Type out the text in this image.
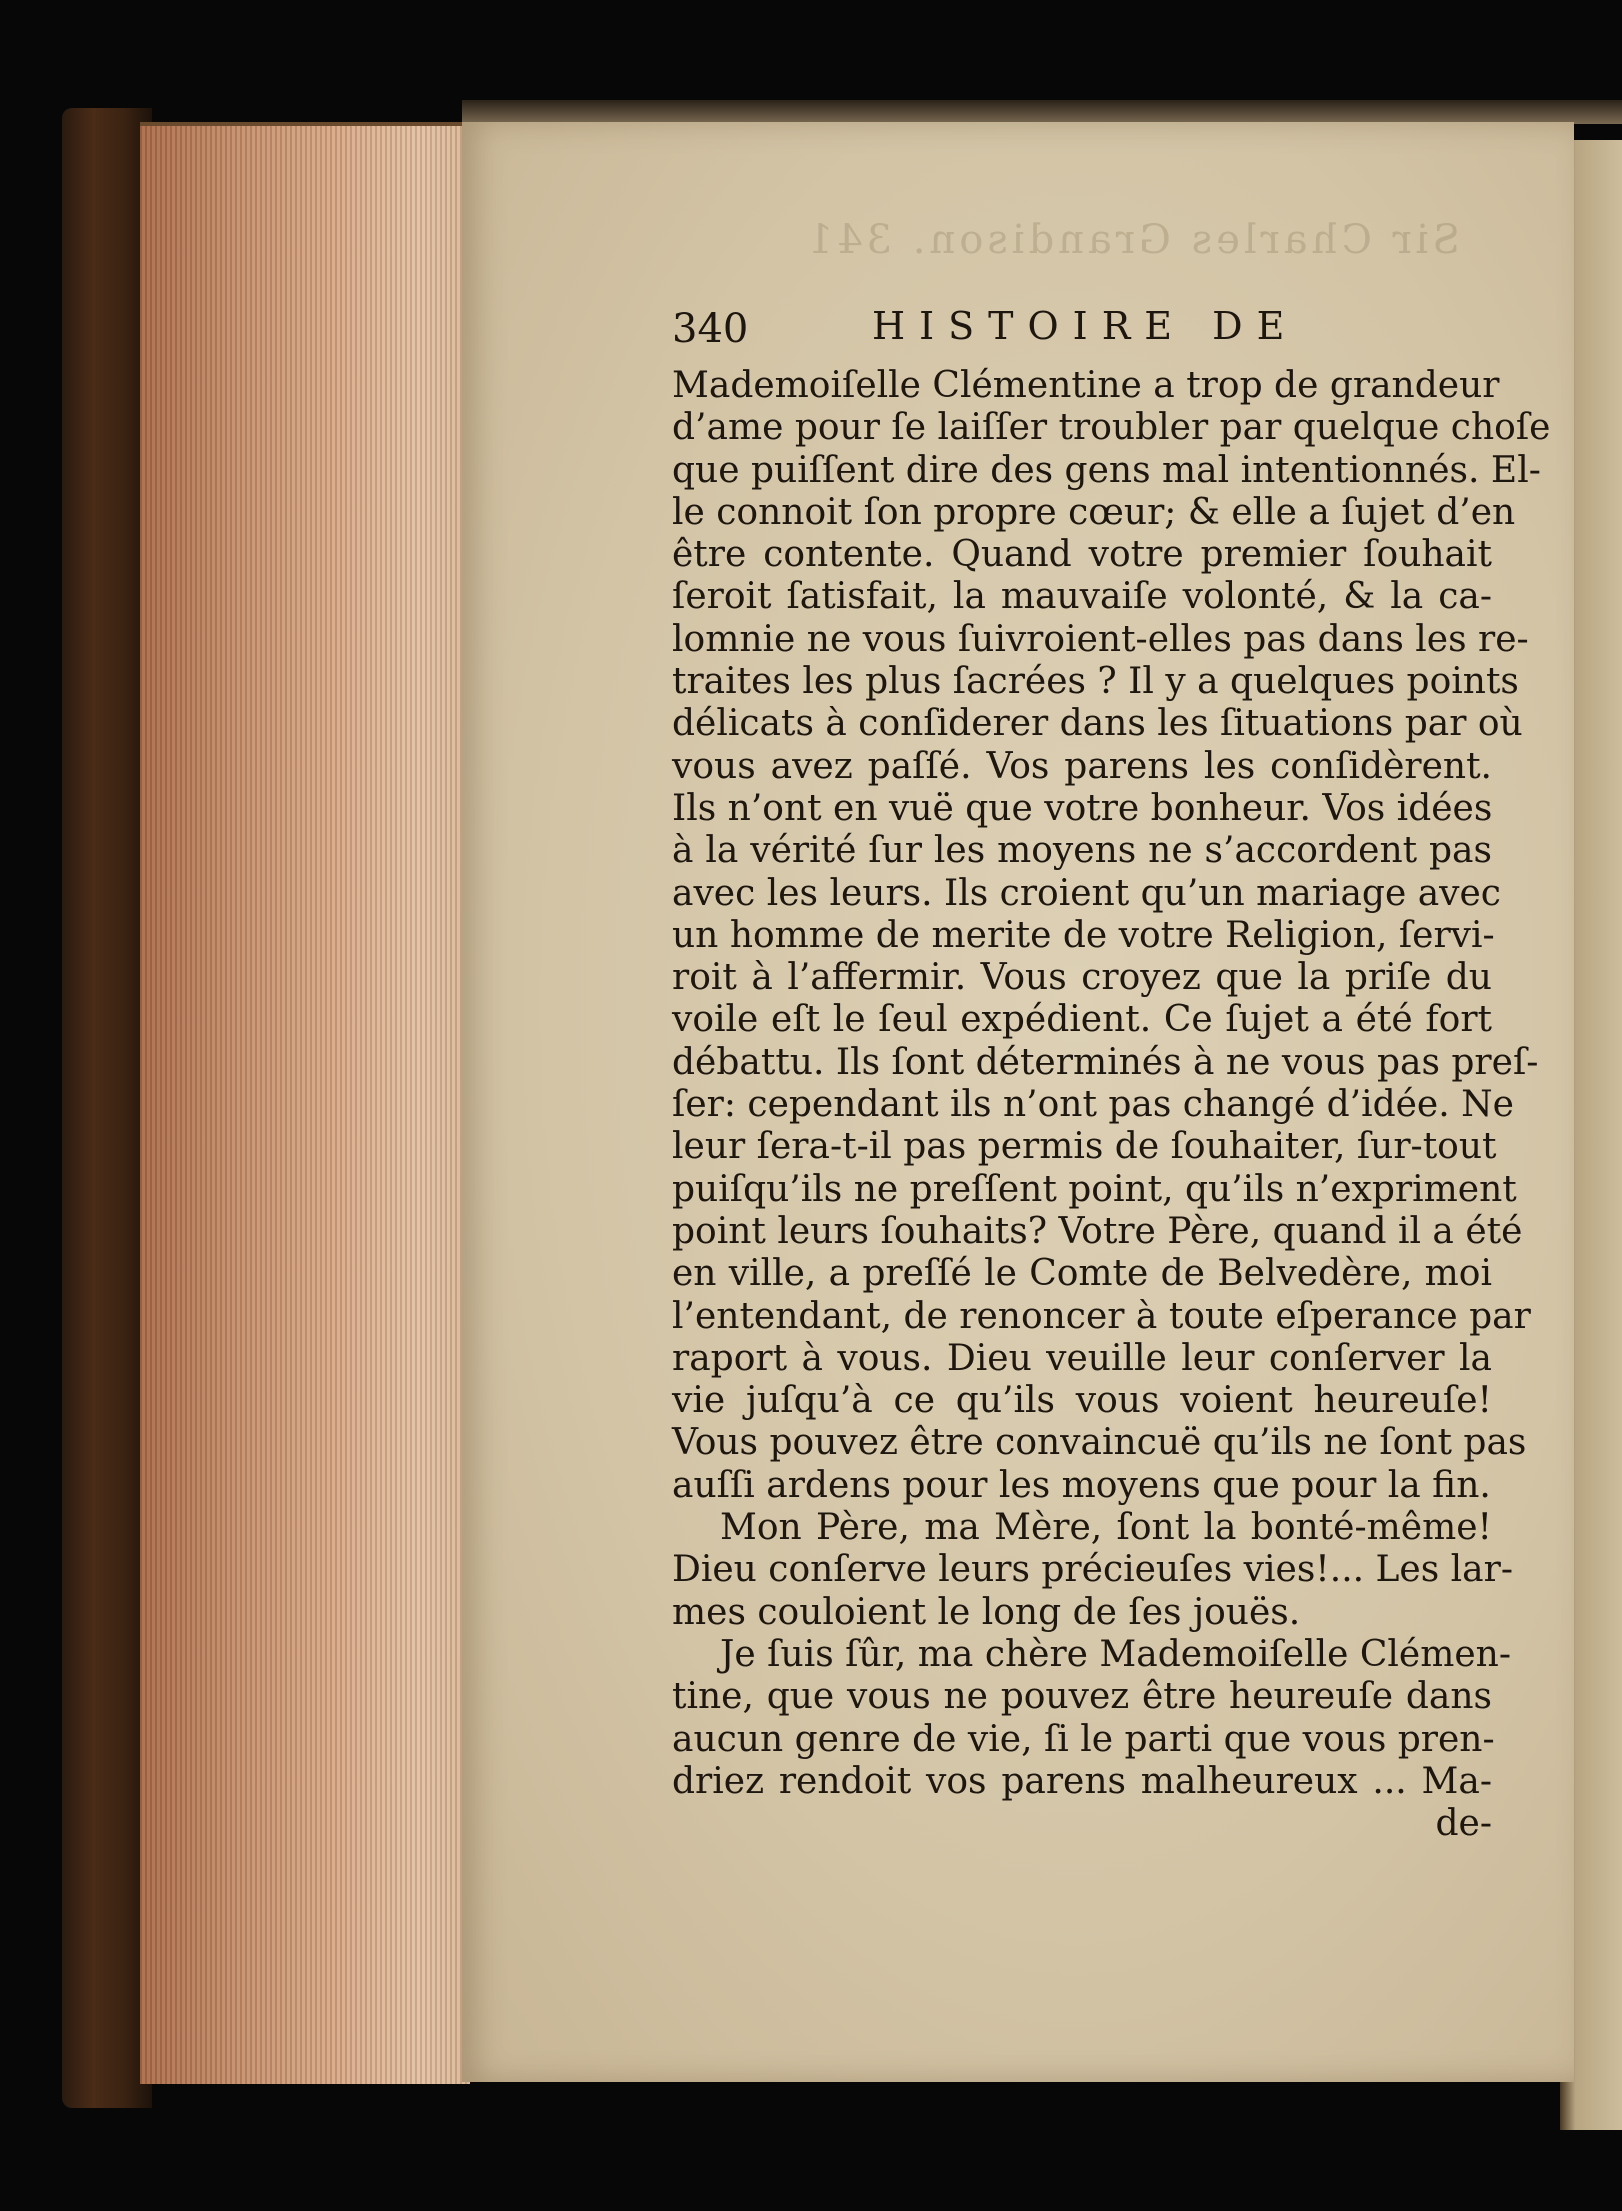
Sir Charles Grandison. 341
340	HISTOIRE DE
Mademoiſelle Clémentine a trop de grandeur
d’ame pour ſe laiſſer troubler par quelque choſe
que puiſſent dire des gens mal intentionnés. El-
le connoit ſon propre cœur; & elle a ſujet d’en
être contente. Quand votre premier ſouhait
ſeroit ſatisfait, la mauvaiſe volonté, & la ca-
lomnie ne vous ſuivroient-elles pas dans les re-
traites les plus ſacrées ? Il y a quelques points
délicats à conſiderer dans les ſituations par où
vous avez paſſé. Vos parens les conſidèrent.
Ils n’ont en vuë que votre bonheur. Vos idées
à la vérité ſur les moyens ne s’accordent pas
avec les leurs. Ils croient qu’un mariage avec
un homme de merite de votre Religion, ſervi-
roit à l’affermir. Vous croyez que la priſe du
voile eſt le ſeul expédient. Ce ſujet a été fort
débattu. Ils ſont déterminés à ne vous pas preſ-
ſer: cependant ils n’ont pas changé d’idée. Ne
leur ſera-t-il pas permis de ſouhaiter, ſur-tout
puiſqu’ils ne preſſent point, qu’ils n’expriment
point leurs ſouhaits? Votre Père, quand il a été
en ville, a preſſé le Comte de Belvedère, moi
l’entendant, de renoncer à toute eſperance par
raport à vous. Dieu veuille leur conſerver la
vie juſqu’à ce qu’ils vous voient heureuſe!
Vous pouvez être convaincuë qu’ils ne ſont pas
auſſi ardens pour les moyens que pour la fin.
Mon Père, ma Mère, ſont la bonté-même!
Dieu conſerve leurs précieuſes vies!... Les lar-
mes couloient le long de ſes jouës.
Je ſuis ſûr, ma chère Mademoiſelle Clémen-
tine, que vous ne pouvez être heureuſe dans
aucun genre de vie, ſi le parti que vous pren-
driez rendoit vos parens malheureux ... Ma-
de-
